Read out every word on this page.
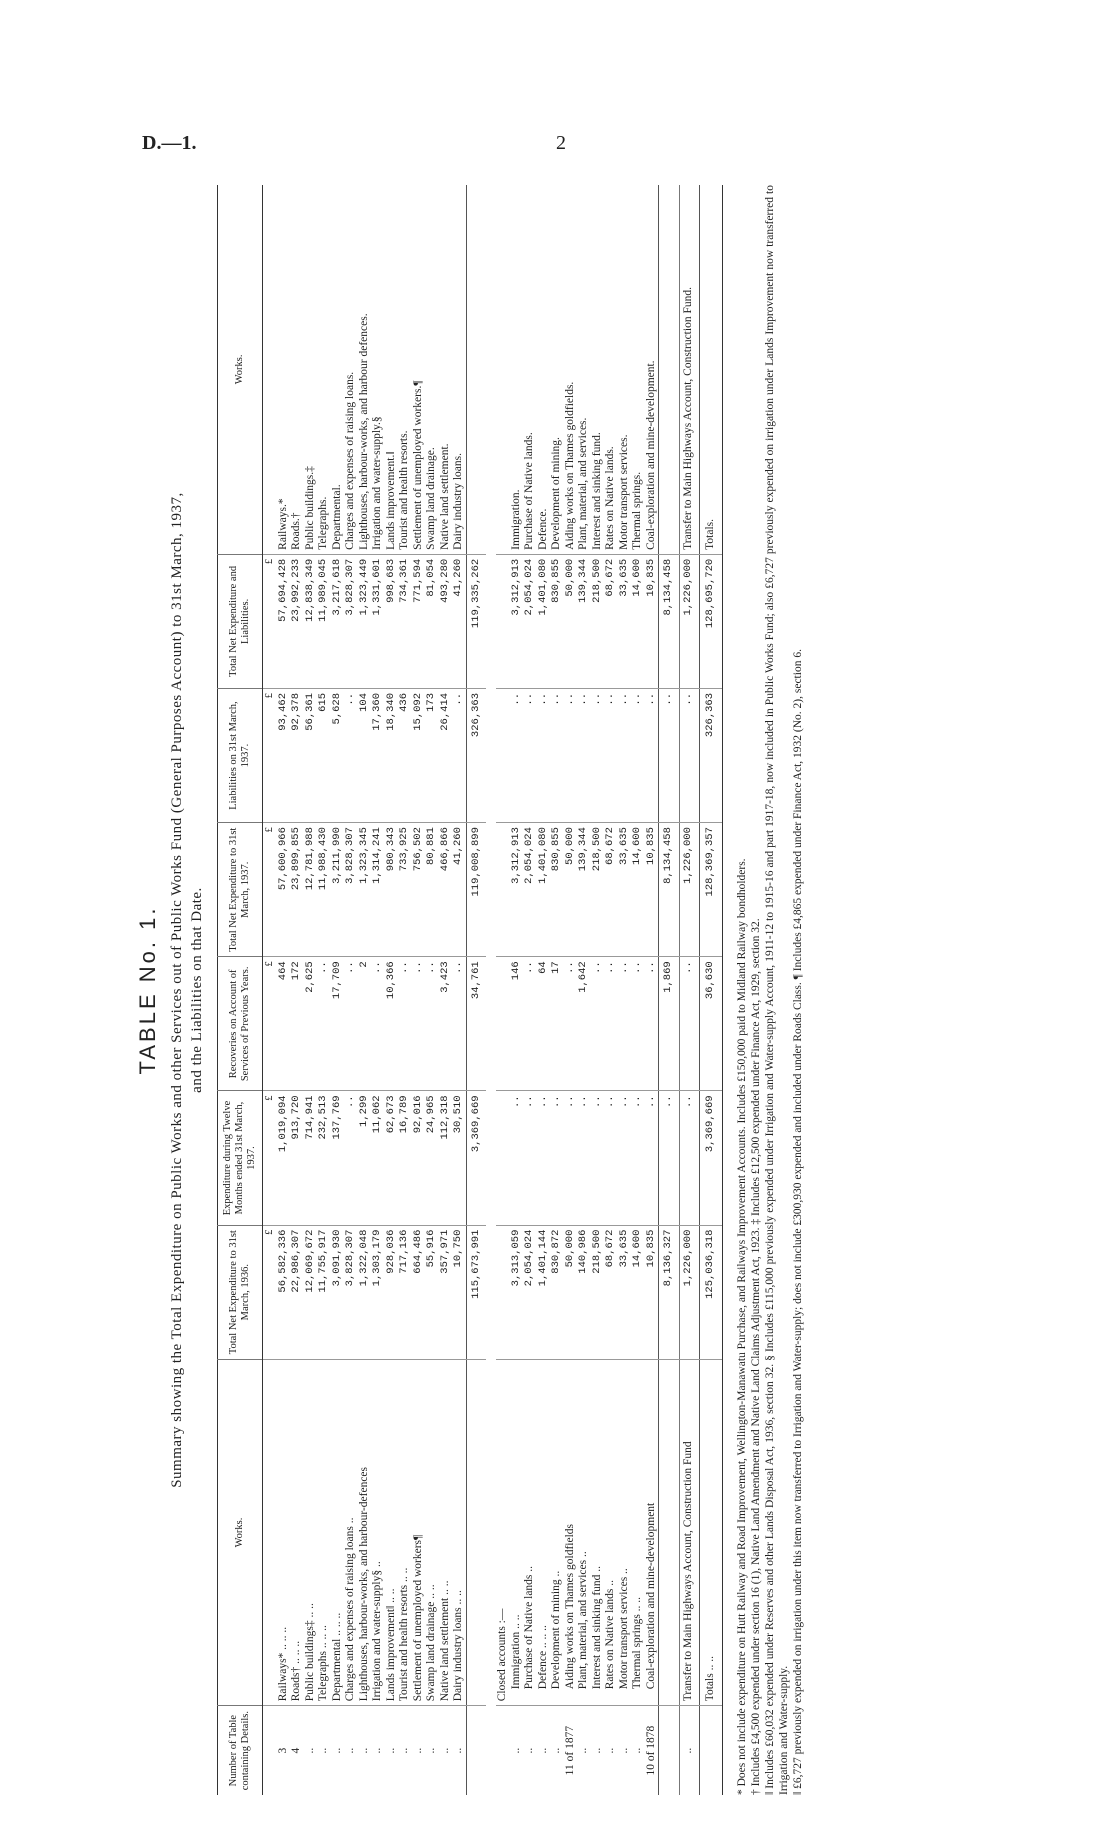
D.—1.	2
TABLE No. 1. Summary showing the Total Expenditure on Public Works and other Services out of Public Works Fund (General Purposes Account) to 31st March, 1937, and the Liabilities on that Date.
Number of Table containing Details.	Works.	Total Net Expenditure to 31st March, 1936.	Expenditure during Twelve Months ended 31st March, 1937.	Recoveries on Account of Services of Previous Years.	Total Net Expenditure to 31st March, 1937.	Liabilities on 31st March, 1937.	Total Net Expenditure and Liabilities.	Works.
		£	£	£	£	£	£	
3	Railways* .. .. ..	56,582,336	1,019,094	464	57,600,966	93,462	57,694,428	Railways.*
4	Roads† .. .. ..	22,986,307	913,720	172	23,899,855	92,378	23,992,233	Roads.†
..	Public buildings‡ .. ..	12,069,672	714,941	2,625	12,781,988	56,361	12,838,349	Public buildings.‡
..	Telegraphs .. .. ..	11,755,917	232,513	..	11,988,430	615	11,989,045	Telegraphs.
..	Departmental .. .. ..	3,091,930	137,769	17,709	3,211,990	5,628	3,217,618	Departmental.
..	Charges and expenses of raising loans ..	3,828,307	..	..	3,828,307	..	3,828,307	Charges and expenses of raising loans.
..	Lighthouses, harbour-works, and harbour-defences	1,322,048	1,299	2	1,323,345	104	1,323,449	Lighthouses, harbour-works, and harbour defences.
..	Irrigation and water-supply§ ..	1,303,179	11,062	..	1,314,241	17,360	1,331,601	Irrigation and water-supply.§
..	Lands improvement‖ .. ..	928,036	62,673	10,366	980,343	18,340	998,683	Lands improvement.‖
..	Tourist and health resorts .. ..	717,136	16,789	..	733,925	436	734,361	Tourist and health resorts.
..	Settlement of unemployed workers¶	664,486	92,016	..	756,502	15,092	771,594	Settlement of unemployed workers.¶
..	Swamp land drainage .. ..	55,916	24,965	..	80,881	173	81,054	Swamp land drainage.
..	Native land settlement .. ..	357,971	112,318	3,423	466,866	26,414	493,280	Native land settlement.
..	Dairy industry loans .. ..	10,750	30,510	..	41,260	..	41,260	Dairy industry loans.
		115,673,991	3,369,669	34,761	119,008,899	326,363	119,335,262	

	Closed accounts :—							
..	Immigration .. ..	3,313,059	..	146	3,312,913	..	3,312,913	Immigration.
..	Purchase of Native lands ..	2,054,024	..	..	2,054,024	..	2,054,024	Purchase of Native lands.
..	Defence .. .. ..	1,401,144	..	64	1,401,080	..	1,401,080	Defence.
..	Development of mining ..	830,872	..	17	830,855	..	830,855	Development of mining.
11 of 1877	Aiding works on Thames goldfields	50,000	..	..	50,000	..	50,000	Aiding works on Thames goldfields.
..	Plant, material, and services ..	140,986	..	1,642	139,344	..	139,344	Plant, material, and services.
..	Interest and sinking fund ..	218,500	..	..	218,500	..	218,500	Interest and sinking fund.
..	Rates on Native lands ..	68,672	..	..	68,672	..	68,672	Rates on Native lands.
..	Motor transport services ..	33,635	..	..	33,635	..	33,635	Motor transport services.
..	Thermal springs .. ..	14,600	..	..	14,600	..	14,600	Thermal springs.
10 of 1878	Coal-exploration and mine-development	10,835	..	..	10,835	..	10,835	Coal-exploration and mine-development.
		8,136,327	..	1,869	8,134,458	..	8,134,458	
..	Transfer to Main Highways Account, Construction Fund	1,226,000	..	..	1,226,000	..	1,226,000	Transfer to Main Highways Account, Construction Fund.
	Totals .. ..	125,036,318	3,369,669	36,630	128,369,357	326,363	128,695,720	Totals.
* Does not include expenditure on Hutt Railway and Road Improvement, Wellington-Manawatu Purchase, and Railways Improvement Accounts. Includes £150,000 paid to Midland Railway bondholders. † Includes £4,500 expended under section 16 (1), Native Land Amendment and Native Land Claims Adjustment Act, 1923. ‡ Includes £12,500 expended under Finance Act, 1929, section 32. ‖ Includes £60,032 expended under Reserves and other Lands Disposal Act, 1936, section 32. § Includes £115,000 previously expended under Irrigation and Water-supply Account, 1911-12 to 1915-16 and part 1917-18, now included in Public Works Fund; also £6,727 previously expended on irrigation under Lands Improvement now transferred to Irrigation and Water-supply. ‖ £6,727 previously expended on irrigation under this item now transferred to Irrigation and Water-supply; does not include £300,930 expended and included under Roads Class. ¶ Includes £4,865 expended under Finance Act, 1932 (No. 2), section 6.
